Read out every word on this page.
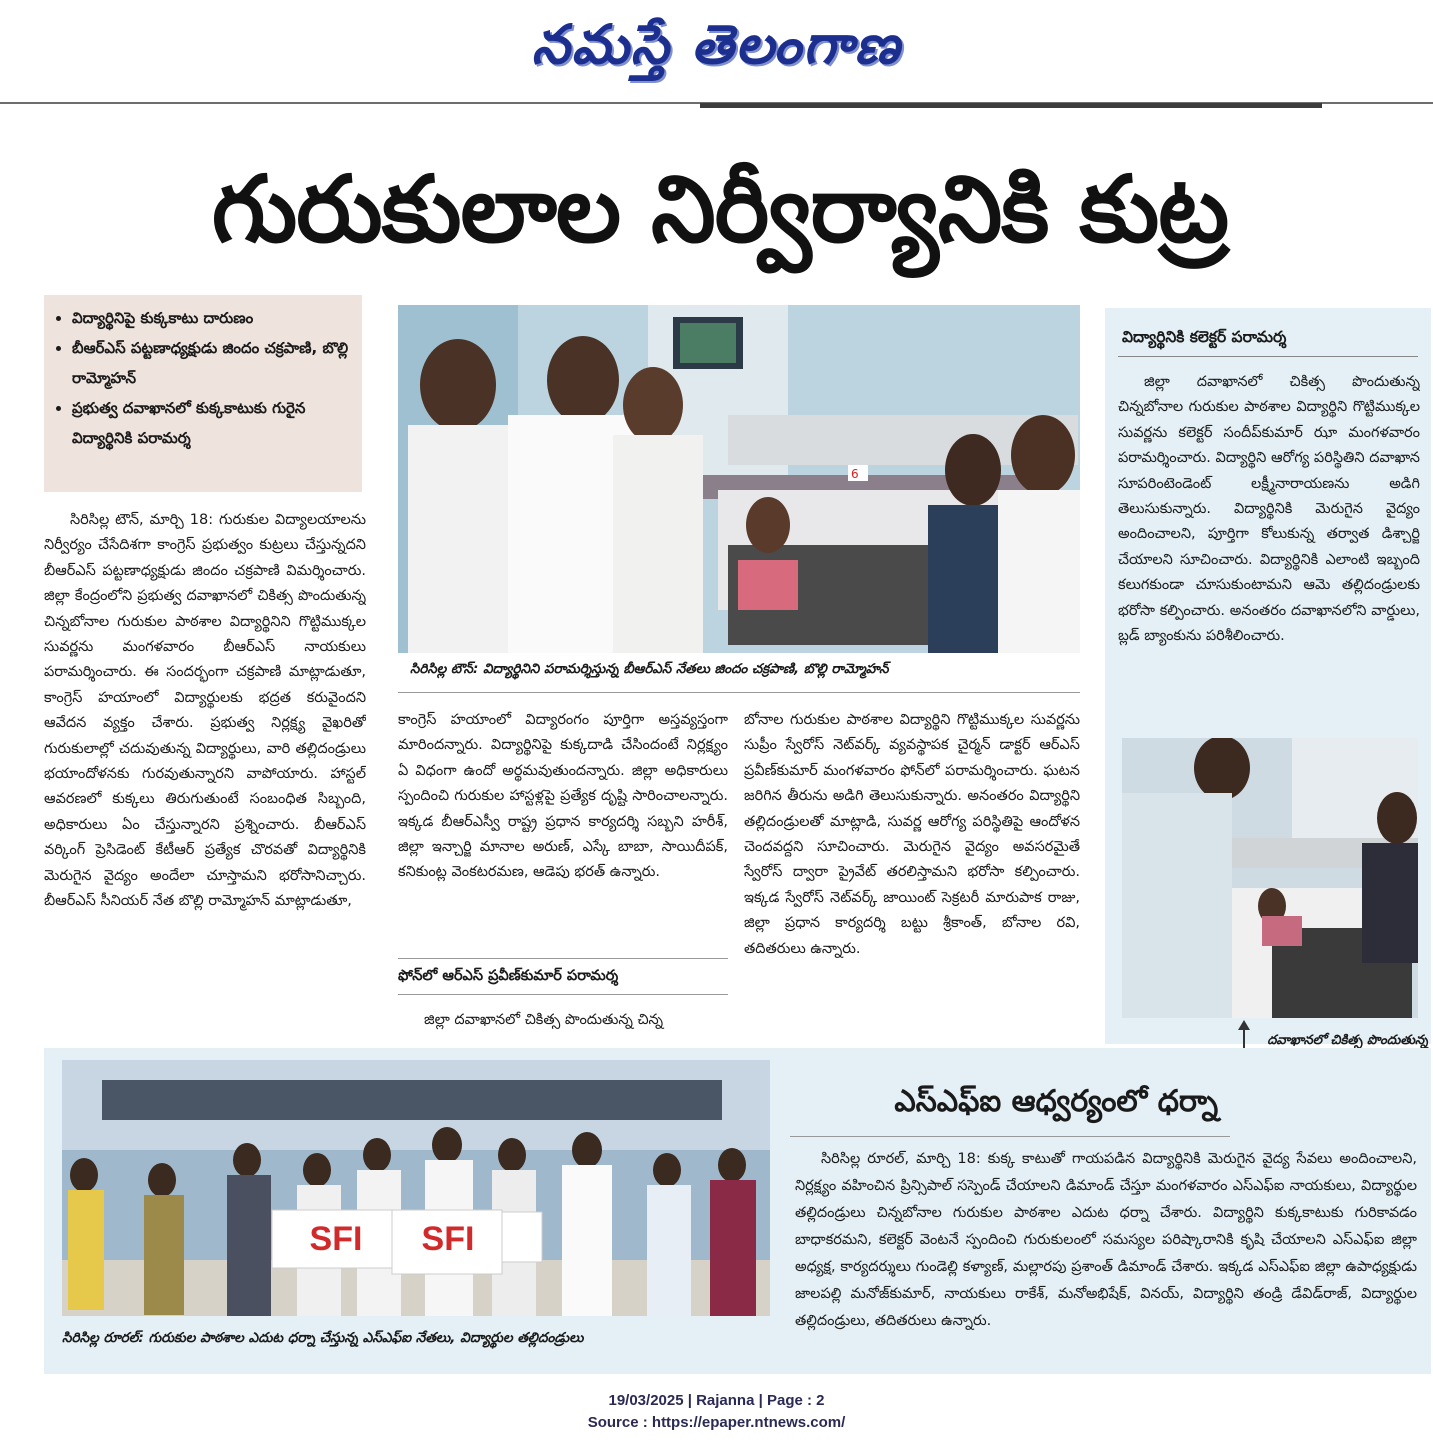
నమస్తే తెలంగాణ
గురుకులాల నిర్వీర్యానికి కుట్ర
• విద్యార్థినిపై కుక్కకాటు దారుణం
• బీఆర్ఎస్ పట్టణాధ్యక్షుడు జిందం చక్రపాణి, బొల్లి రామ్మోహన్
• ప్రభుత్వ దవాఖానలో కుక్కకాటుకు గురైన విద్యార్థినికి పరామర్శ

సిరిసిల్ల టౌన్, మార్చి 18: గురుకుల విద్యాలయాలను నిర్వీర్యం చేసేదిశగా కాంగ్రెస్ ప్రభుత్వం కుట్రలు చేస్తున్నదని బీఆర్ఎస్ పట్టణాధ్యక్షుడు జిందం చక్రపాణి విమర్శించారు. జిల్లా కేంద్రంలోని ప్రభుత్వ దవాఖానలో చికిత్స పొందుతున్న చిన్నబోనాల గురుకుల పాఠశాల విద్యార్థినిని గొట్టిముక్కల సువర్ణను మంగళవారం బీఆర్ఎస్ నాయకులు పరామర్శించారు. ఈ సందర్భంగా చక్రపాణి మాట్లాడుతూ, కాంగ్రెస్ హయాంలో విద్యార్థులకు భద్రత కరువైందని ఆవేదన వ్యక్తం చేశారు. ప్రభుత్వ నిర్లక్ష్య వైఖరితో గురుకులాల్లో చదువుతున్న విద్యార్థులు, వారి తల్లిదండ్రులు భయాందోళనకు గురవుతున్నారని వాపోయారు. హాస్టల్ ఆవరణలో కుక్కలు తిరుగుతుంటే సంబంధిత సిబ్బంది, అధికారులు ఏం చేస్తున్నారని ప్రశ్నించారు. బీఆర్ఎస్ వర్కింగ్ ప్రెసిడెంట్ కేటీఆర్ ప్రత్యేక చొరవతో విద్యార్థినికి మెరుగైన వైద్యం అందేలా చూస్తామని భరోసానిచ్చారు. బీఆర్ఎస్ సీనియర్ నేత బొల్లి రామ్మోహన్ మాట్లాడుతూ,

6
సిరిసిల్ల టౌన్: విద్యార్థినిని పరామర్శిస్తున్న బీఆర్ఎస్ నేతలు జిందం చక్రపాణి, బొల్లి రామ్మోహన్

కాంగ్రెస్ హయాంలో విద్యారంగం పూర్తిగా అస్తవ్యస్తంగా మారిందన్నారు. విద్యార్థినిపై కుక్కదాడి చేసిందంటే నిర్లక్ష్యం ఏ విధంగా ఉందో అర్థమవుతుందన్నారు. జిల్లా అధికారులు స్పందించి గురుకుల హాస్టళ్లపై ప్రత్యేక దృష్టి సారించాలన్నారు. ఇక్కడ బీఆర్ఎస్వీ రాష్ట్ర ప్రధాన కార్యదర్శి సబ్బని హరీశ్, జిల్లా ఇన్చార్జి మానాల అరుణ్, ఎస్కే బాబా, సాయిదీపక్, కనికుంట్ల వెంకటరమణ, ఆడెపు భరత్ ఉన్నారు.

ఫోన్‌లో ఆర్ఎస్ ప్రవీణ్‌కుమార్ పరామర్శ

జిల్లా దవాఖానలో చికిత్స పొందుతున్న చిన్న

బోనాల గురుకుల పాఠశాల విద్యార్థిని గొట్టిముక్కల సువర్ణను సుప్రీం స్వేరోస్ నెట్‌వర్క్ వ్యవస్థాపక చైర్మన్ డాక్టర్ ఆర్ఎస్ ప్రవీణ్‌కుమార్ మంగళవారం ఫోన్‌లో పరామర్శించారు. ఘటన జరిగిన తీరును అడిగి తెలుసుకున్నారు. అనంతరం విద్యార్థిని తల్లిదండ్రులతో మాట్లాడి, సువర్ణ ఆరోగ్య పరిస్థితిపై ఆందోళన చెందవద్దని సూచించారు. మెరుగైన వైద్యం అవసరమైతే స్వేరోస్ ద్వారా ప్రైవేట్ తరలిస్తామని భరోసా కల్పించారు. ఇక్కడ స్వేరోస్ నెట్‌వర్క్ జాయింట్ సెక్రటరీ మారుపాక రాజు, జిల్లా ప్రధాన కార్యదర్శి బట్టు శ్రీకాంత్, బోనాల రవి, తదితరులు ఉన్నారు.

విద్యార్థినికి కలెక్టర్ పరామర్శ

జిల్లా దవాఖానలో చికిత్స పొందుతున్న చిన్నబోనాల గురుకుల పాఠశాల విద్యార్థిని గొట్టిముక్కల సువర్ణను కలెక్టర్ సందీప్‌కుమార్ ఝా మంగళవారం పరామర్శించారు. విద్యార్థిని ఆరోగ్య పరిస్థితిని దవాఖాన సూపరింటెండెంట్ లక్ష్మీనారాయణను అడిగి తెలుసుకున్నారు. విద్యార్థినికి మెరుగైన వైద్యం అందించాలని, పూర్తిగా కోలుకున్న తర్వాత డిశ్చార్జి చేయాలని సూచించారు. విద్యార్థినికి ఎలాంటి ఇబ్బంది కలుగకుండా చూసుకుంటామని ఆమె తల్లిదండ్రులకు భరోసా కల్పించారు. అనంతరం దవాఖానలోని వార్డులు, బ్లడ్ బ్యాంకును పరిశీలించారు.

దవాఖానలో చికిత్స పొందుతున్న
SFI	SFI
సిరిసిల్ల రూరల్: గురుకుల పాఠశాల ఎదుట ధర్నా చేస్తున్న ఎస్ఎఫ్ఐ నేతలు, విద్యార్థుల తల్లిదండ్రులు
ఎస్ఎఫ్ఐ ఆధ్వర్యంలో ధర్నా

సిరిసిల్ల రూరల్, మార్చి 18: కుక్క కాటుతో గాయపడిన విద్యార్థినికి మెరుగైన వైద్య సేవలు అందించాలని, నిర్లక్ష్యం వహించిన ప్రిన్సిపాల్ సస్పెండ్ చేయాలని డిమాండ్ చేస్తూ మంగళవారం ఎస్ఎఫ్ఐ నాయకులు, విద్యార్థుల తల్లిదండ్రులు చిన్నబోనాల గురుకుల పాఠశాల ఎదుట ధర్నా చేశారు. విద్యార్థిని కుక్కకాటుకు గురికావడం బాధాకరమని, కలెక్టర్ వెంటనే స్పందించి గురుకులంలో సమస్యల పరిష్కారానికి కృషి చేయాలని ఎస్ఎఫ్ఐ జిల్లా అధ్యక్ష, కార్యదర్శులు గుండెల్లి కళ్యాణ్, మల్లారపు ప్రశాంత్ డిమాండ్ చేశారు. ఇక్కడ ఎస్ఎఫ్ఐ జిల్లా ఉపాధ్యక్షుడు జాలపల్లి మనోజ్‌కుమార్, నాయకులు రాకేశ్, మనోఅభిషేక్, వినయ్, విద్యార్థిని తండ్రి డేవిడ్‌రాజ్, విద్యార్థుల తల్లిదండ్రులు, తదితరులు ఉన్నారు.

19/03/2025 | Rajanna | Page : 2
Source : https://epaper.ntnews.com/
